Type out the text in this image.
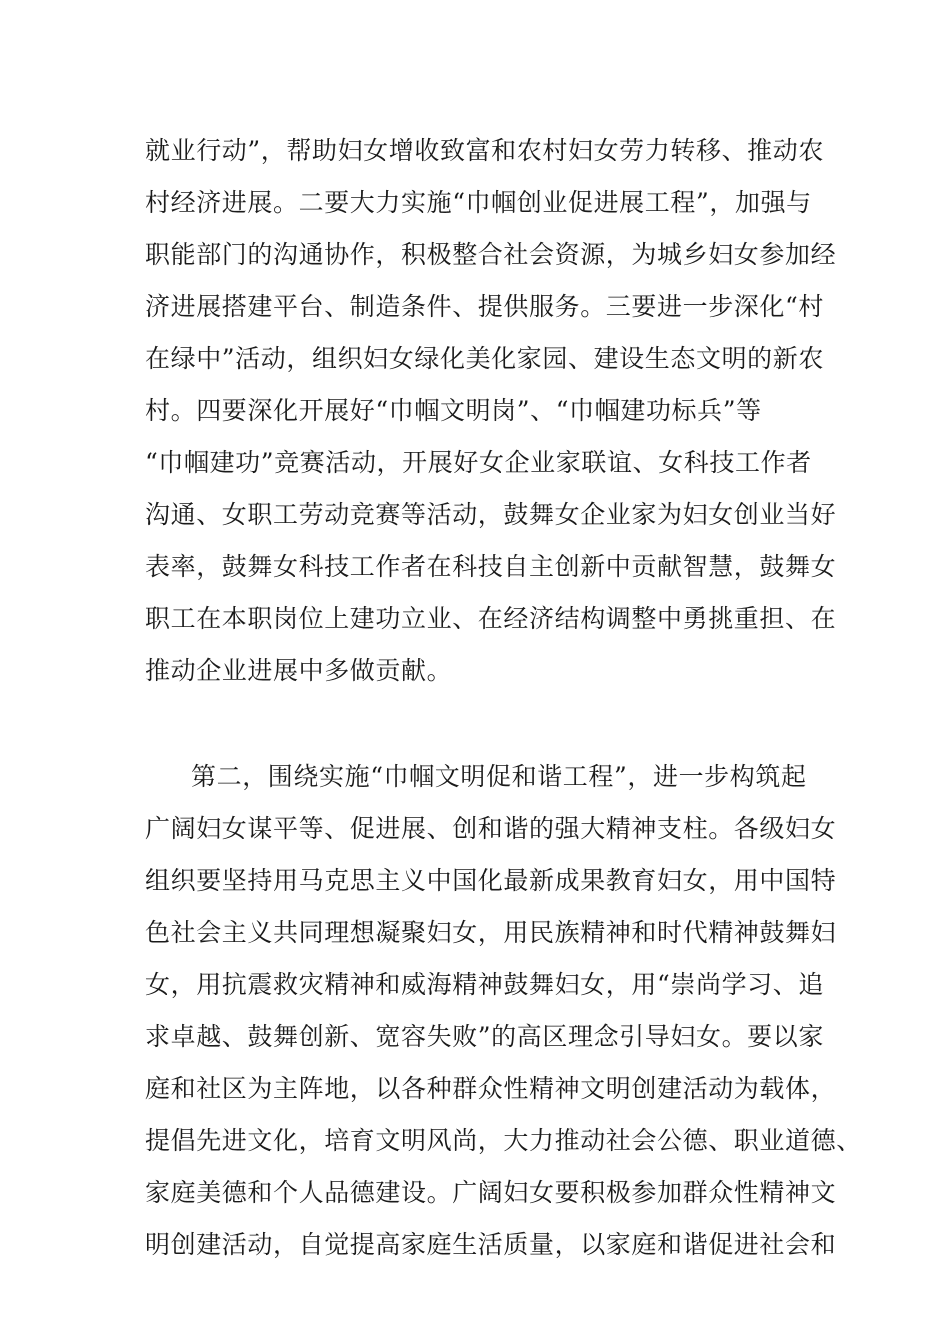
就业行动”，帮助妇女增收致富和农村妇女劳力转移、推动农
村经济进展。二要大力实施“巾帼创业促进展工程”，加强与
职能部门的沟通协作，积极整合社会资源，为城乡妇女参加经
济进展搭建平台、制造条件、提供服务。三要进一步深化“村
在绿中”活动，组织妇女绿化美化家园、建设生态文明的新农
村。四要深化开展好“巾帼文明岗”、“巾帼建功标兵”等
“巾帼建功”竞赛活动，开展好女企业家联谊、女科技工作者
沟通、女职工劳动竞赛等活动，鼓舞女企业家为妇女创业当好
表率，鼓舞女科技工作者在科技自主创新中贡献智慧，鼓舞女
职工在本职岗位上建功立业、在经济结构调整中勇挑重担、在
推动企业进展中多做贡献。
第二，围绕实施“巾帼文明促和谐工程”，进一步构筑起
广阔妇女谋平等、促进展、创和谐的强大精神支柱。各级妇女
组织要坚持用马克思主义中国化最新成果教育妇女，用中国特
色社会主义共同理想凝聚妇女，用民族精神和时代精神鼓舞妇
女，用抗震救灾精神和威海精神鼓舞妇女，用“崇尚学习、追
求卓越、鼓舞创新、宽容失败”的高区理念引导妇女。要以家
庭和社区为主阵地，以各种群众性精神文明创建活动为载体，
提倡先进文化，培育文明风尚，大力推动社会公德、职业道德、
家庭美德和个人品德建设。广阔妇女要积极参加群众性精神文
明创建活动，自觉提高家庭生活质量，以家庭和谐促进社会和
